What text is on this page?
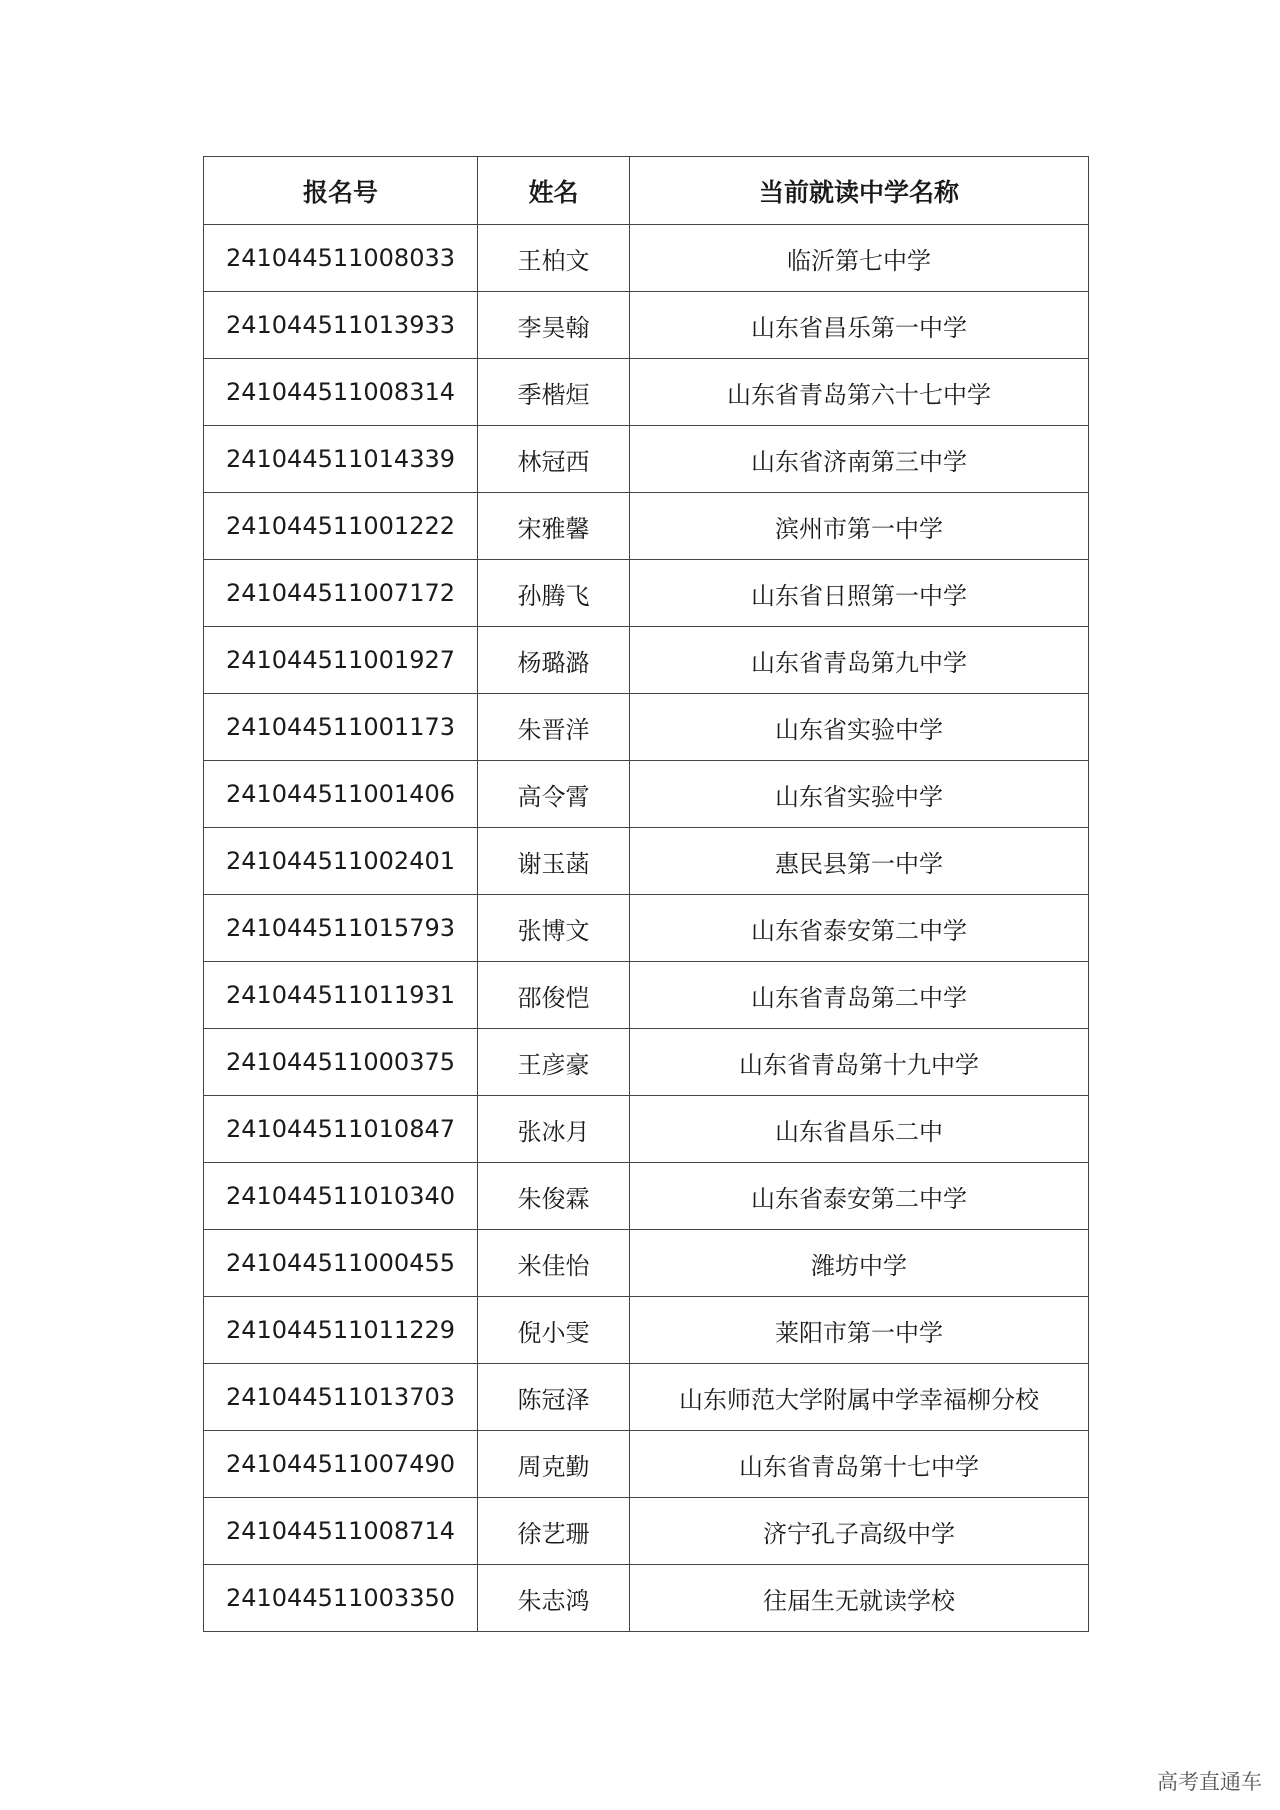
报名号	姓名	当前就读中学名称
241044511008033	王柏文	临沂第七中学
241044511013933	李昊翰	山东省昌乐第一中学
241044511008314	季楷烜	山东省青岛第六十七中学
241044511014339	林冠西	山东省济南第三中学
241044511001222	宋雅馨	滨州市第一中学
241044511007172	孙腾飞	山东省日照第一中学
241044511001927	杨璐潞	山东省青岛第九中学
241044511001173	朱晋洋	山东省实验中学
241044511001406	高令霄	山东省实验中学
241044511002401	谢玉菡	惠民县第一中学
241044511015793	张博文	山东省泰安第二中学
241044511011931	邵俊恺	山东省青岛第二中学
241044511000375	王彦豪	山东省青岛第十九中学
241044511010847	张冰月	山东省昌乐二中
241044511010340	朱俊霖	山东省泰安第二中学
241044511000455	米佳怡	潍坊中学
241044511011229	倪小雯	莱阳市第一中学
241044511013703	陈冠泽	山东师范大学附属中学幸福柳分校
241044511007490	周克勤	山东省青岛第十七中学
241044511008714	徐艺珊	济宁孔子高级中学
241044511003350	朱志鸿	往届生无就读学校
高考直通车
